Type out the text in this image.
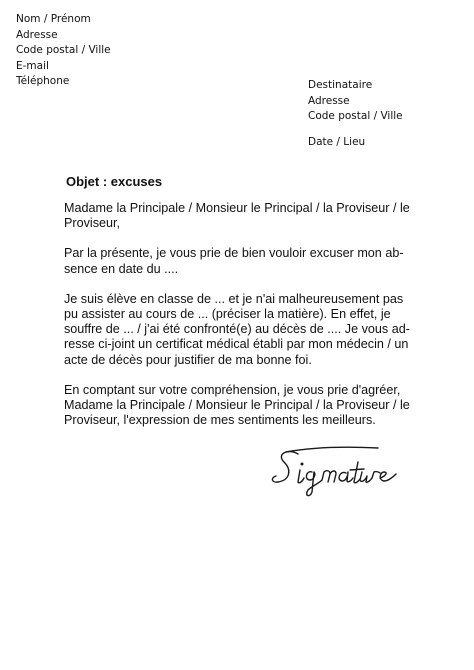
Nom / Prénom
Adresse
Code postal / Ville
E-mail
Téléphone	Destinataire
Adresse
Code postal / Ville
Date / Lieu
Objet : excuses
Madame la Principale / Monsieur le Principal / la Proviseur / le
Proviseur,
Par la présente, je vous prie de bien vouloir excuser mon ab-
sence en date du ....
Je suis élève en classe de ... et je n'ai malheureusement pas
pu assister au cours de ... (préciser la matière). En effet, je
souffre de ... / j'ai été confronté(e) au décès de .... Je vous ad-
resse ci-joint un certificat médical établi par mon médecin / un
acte de décès pour justifier de ma bonne foi.
En comptant sur votre compréhension, je vous prie d'agréer,
Madame la Principale / Monsieur le Principal / la Proviseur / le
Proviseur, l'expression de mes sentiments les meilleurs.
